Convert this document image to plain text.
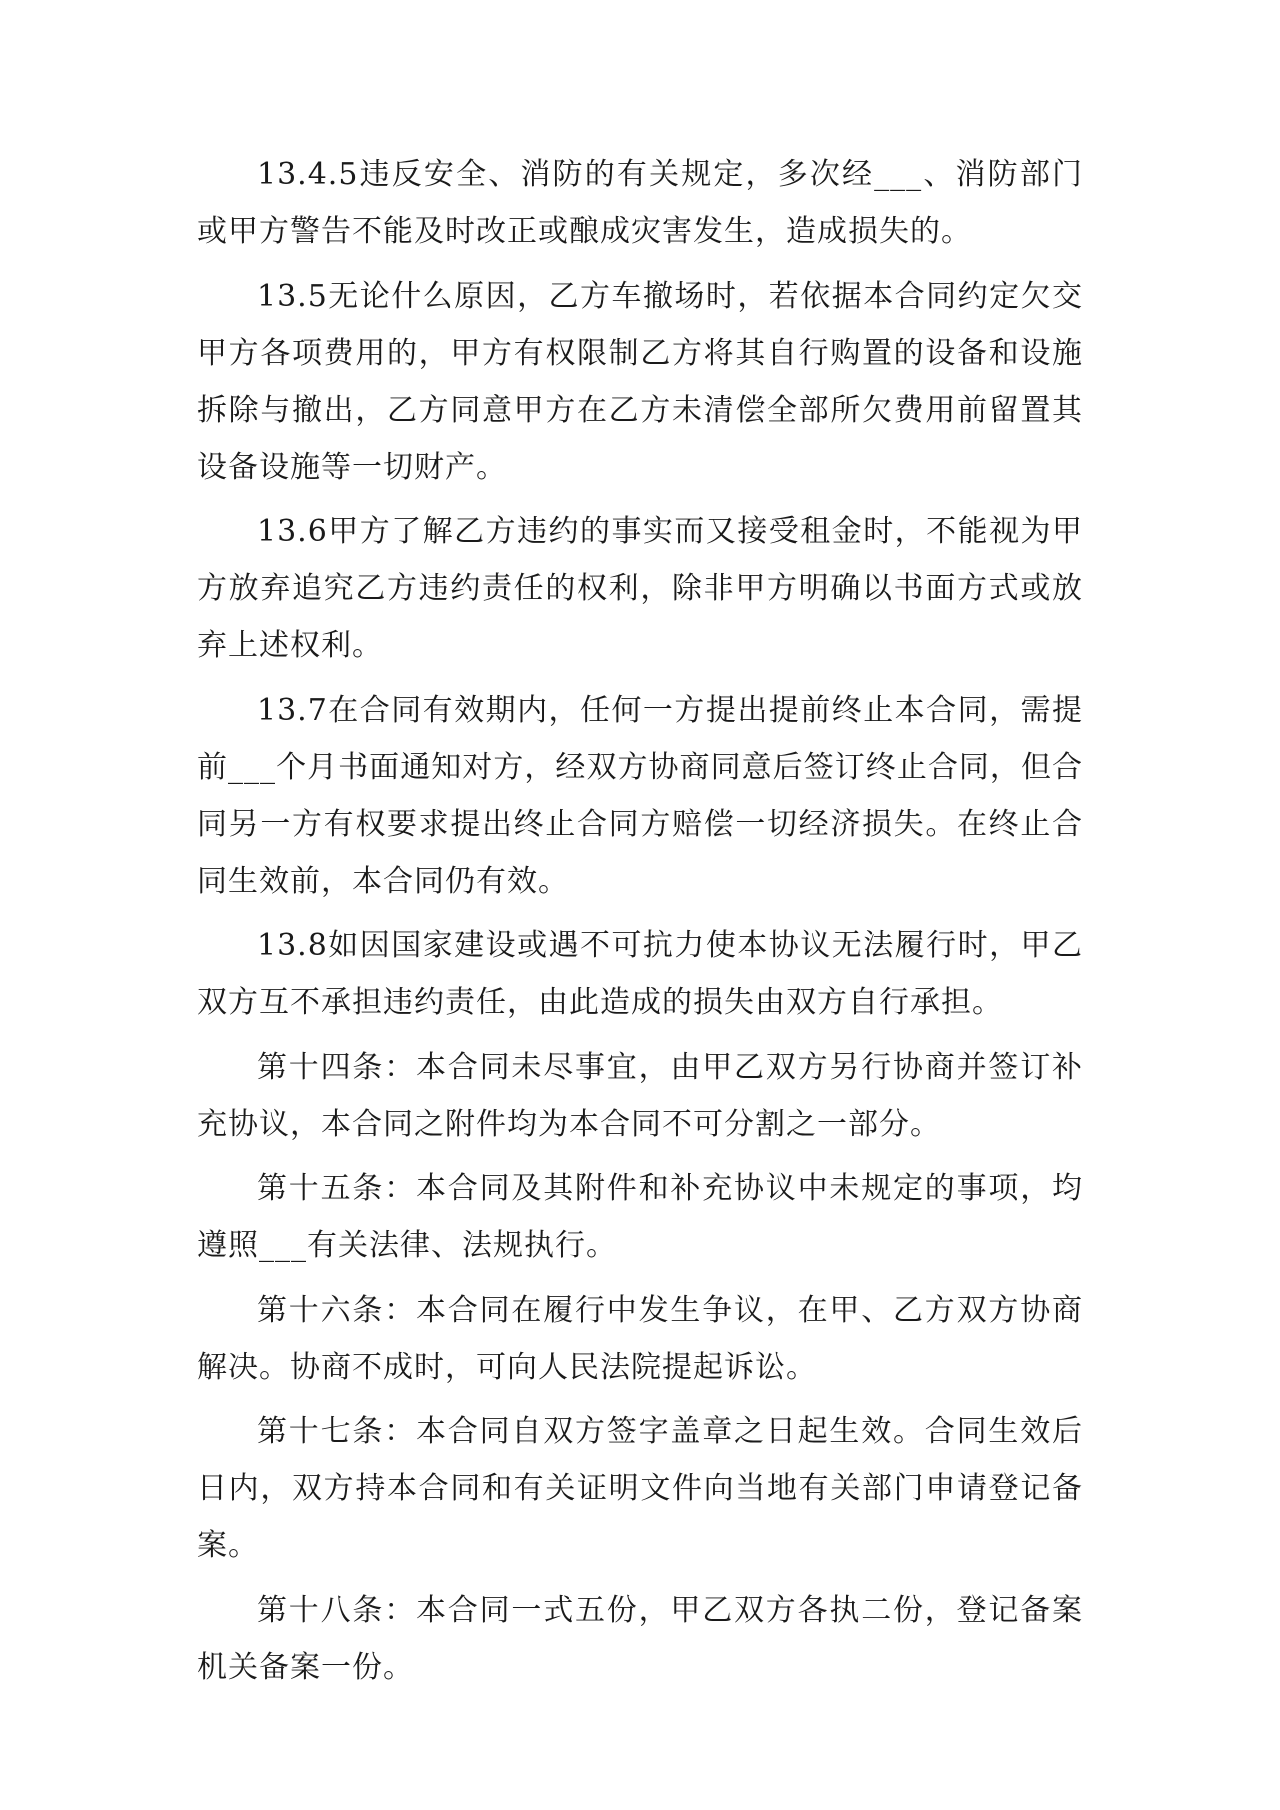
13.4.5违反安全、消防的有关规定，多次经___、消防部门或甲方警告不能及时改正或酿成灾害发生，造成损失的。

13.5无论什么原因，乙方车撤场时，若依据本合同约定欠交甲方各项费用的，甲方有权限制乙方将其自行购置的设备和设施拆除与撤出，乙方同意甲方在乙方未清偿全部所欠费用前留置其设备设施等一切财产。

13.6甲方了解乙方违约的事实而又接受租金时，不能视为甲方放弃追究乙方违约责任的权利，除非甲方明确以书面方式或放弃上述权利。

13.7在合同有效期内，任何一方提出提前终止本合同，需提前___个月书面通知对方，经双方协商同意后签订终止合同，但合同另一方有权要求提出终止合同方赔偿一切经济损失。在终止合同生效前，本合同仍有效。

13.8如因国家建设或遇不可抗力使本协议无法履行时，甲乙双方互不承担违约责任，由此造成的损失由双方自行承担。

第十四条：本合同未尽事宜，由甲乙双方另行协商并签订补充协议，本合同之附件均为本合同不可分割之一部分。

第十五条：本合同及其附件和补充协议中未规定的事项，均遵照___有关法律、法规执行。

第十六条：本合同在履行中发生争议，在甲、乙方双方协商解决。协商不成时，可向人民法院提起诉讼。

第十七条：本合同自双方签字盖章之日起生效。合同生效后日内，双方持本合同和有关证明文件向当地有关部门申请登记备案。

第十八条：本合同一式五份，甲乙双方各执二份，登记备案机关备案一份。
